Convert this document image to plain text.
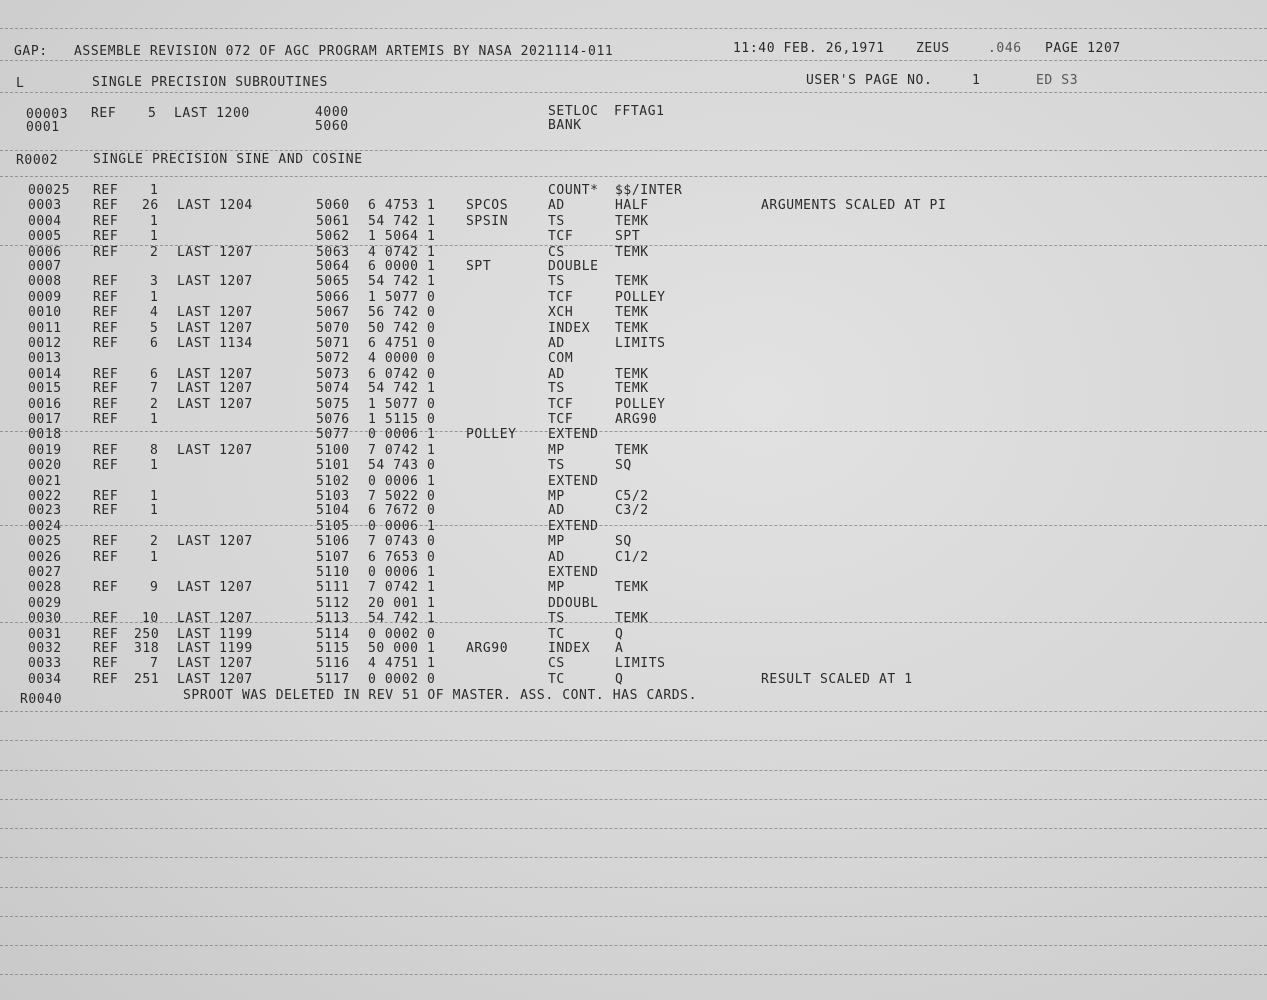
GAP: ASSEMBLE REVISION 072 OF AGC PROGRAM ARTEMIS BY NASA 2021114-011	11:40 FEB. 26,1971 ZEUS	.046 PAGE 1207
L	SINGLE PRECISION SUBROUTINES	USER'S PAGE NO.	1	ED S3
00003 REF 5 LAST 1200	4000	SETLOC FFTAG1
0001	5060	BANK
R0002	SINGLE PRECISION SINE AND COSINE
00025 REF 1	COUNT* $$/INTER
0003 REF 26 LAST 1204	5060 6 4753 1 SPCOS	AD	HALF	ARGUMENTS SCALED AT PI
0004 REF 1	5061 54 742 1 SPSIN	TS	TEMK
0005 REF 1	5062 1 5064 1	TCF	SPT
0006 REF 2 LAST 1207	5063 4 0742 1	CS	TEMK
0007	5064 6 0000 1 SPT	DOUBLE
0008 REF 3 LAST 1207	5065 54 742 1	TS	TEMK
0009 REF 1	5066 1 5077 0	TCF	POLLEY
0010 REF 4 LAST 1207	5067 56 742 0	XCH	TEMK
0011 REF 5 LAST 1207	5070 50 742 0	INDEX TEMK
0012 REF 6 LAST 1134	5071 6 4751 0	AD	LIMITS
0013	5072 4 0000 0	COM
0014 REF 6 LAST 1207	5073 6 0742 0	AD	TEMK
0015 REF 7 LAST 1207	5074 54 742 1	TS	TEMK
0016 REF 2 LAST 1207	5075 1 5077 0	TCF	POLLEY
0017 REF 1	5076 1 5115 0	TCF	ARG90
0018	5077 0 0006 1 POLLEY EXTEND
0019 REF 8 LAST 1207	5100 7 0742 1	MP	TEMK
0020 REF 1	5101 54 743 0	TS	SQ
0021	5102 0 0006 1	EXTEND
0022 REF 1	5103 7 5022 0	MP	C5/2
0023 REF 1	5104 6 7672 0	AD	C3/2
0024	5105 0 0006 1	EXTEND
0025 REF 2 LAST 1207	5106 7 0743 0	MP	SQ
0026 REF 1	5107 6 7653 0	AD	C1/2
0027	5110 0 0006 1	EXTEND
0028 REF 9 LAST 1207	5111 7 0742 1	MP	TEMK
0029	5112 20 001 1	DDOUBL
0030 REF 10 LAST 1207	5113 54 742 1	TS	TEMK
0031 REF 250 LAST 1199	5114 0 0002 0	TC	Q
0032 REF 318 LAST 1199	5115 50 000 1 ARG90	INDEX A
0033 REF 7 LAST 1207	5116 4 4751 1	CS	LIMITS
0034 REF 251 LAST 1207	5117 0 0002 0	TC	Q	RESULT SCALED AT 1
R0040	SPROOT WAS DELETED IN REV 51 OF MASTER. ASS. CONT. HAS CARDS.
